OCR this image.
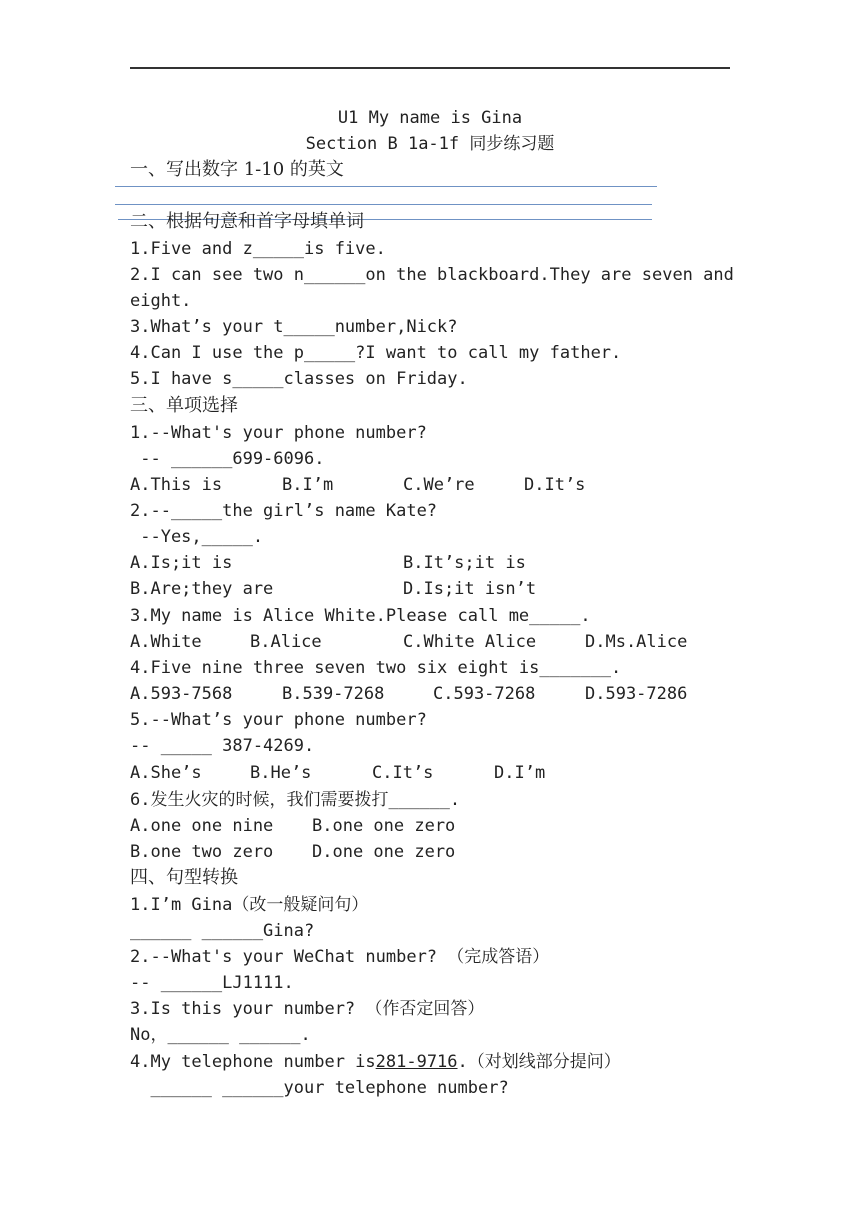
U1 My name is Gina
Section B 1a-1f 同步练习题
一、写出数字 1-10 的英文
二、根据句意和首字母填单词
1.Five and z_____is five.
2.I can see two n______on the blackboard.They are seven and
eight.
3.What’s your t_____number,Nick?
4.Can I use the p_____?I want to call my father.
5.I have s_____classes on Friday.
三、单项选择
1.--What's your phone number?
-- ______699-6096.
A.This is	B.I’m	C.We’re	D.It’s
2.--_____the girl’s name Kate?
--Yes,_____.
A.Is;it is	B.It’s;it is
B.Are;they are	D.Is;it isn’t
3.My name is Alice White.Please call me_____.
A.White	B.Alice	C.White Alice	D.Ms.Alice
4.Five nine three seven two six eight is_______.
A.593-7568	B.539-7268	C.593-7268	D.593-7286
5.--What’s your phone number?
-- _____ 387-4269.
A.She’s	B.He’s	C.It’s	D.I’m
6.发生火灾的时候，我们需要拨打______.
A.one one nine B.one one zero
B.one two zero D.one one zero
四、句型转换
1.I’m Gina（改一般疑问句）
______ ______Gina?
2.--What's your WeChat number? （完成答语）
-- ______LJ1111.
3.Is this your number? （作否定回答）
No，______ ______.
4.My telephone number is281-9716.（对划线部分提问）
______ ______your telephone number?
